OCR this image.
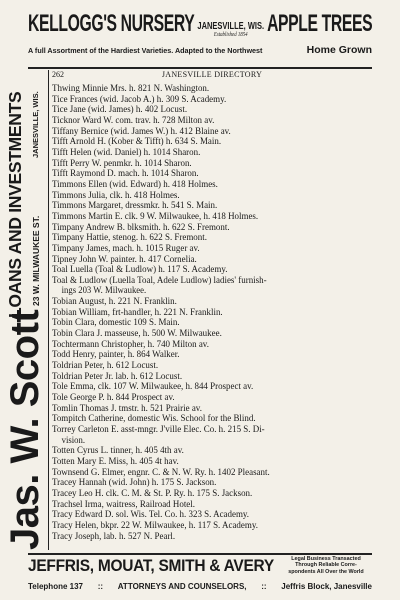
KELLOGG'S NURSERY JANESVILLE, WIS.
Established 1854 APPLE TREES
A full Assortment of the Hardiest Varieties. Adapted to the Northwest	Home Grown
262	JANESVILLE DIRECTORY
Jas. W. Scott
LOANS AND INVESTMENTS 23 W. MILWAUKEE ST.
JANESVILLE, WIS.
Thwing Minnie Mrs. h. 821 N. Washington.
Tice Frances (wid. Jacob A.) h. 309 S. Academy.
Tice Jane (wid. James) h. 402 Locust.
Ticknor Ward W. com. trav. h. 728 Milton av.
Tiffany Bernice (wid. James W.) h. 412 Blaine av.
Tifft Arnold H. (Kober & Tifft) h. 634 S. Main.
Tifft Helen (wid. Daniel) h. 1014 Sharon.
Tifft Perry W. penmkr. h. 1014 Sharon.
Tifft Raymond D. mach. h. 1014 Sharon.
Timmons Ellen (wid. Edward) h. 418 Holmes.
Timmons Julia, clk. h. 418 Holmes.
Timmons Margaret, dressmkr. h. 541 S. Main.
Timmons Martin E. clk. 9 W. Milwaukee, h. 418 Holmes.
Timpany Andrew B. blksmith. h. 622 S. Fremont.
Timpany Hattie, stenog. h. 622 S. Fremont.
Timpany James, mach. h. 1015 Ruger av.
Tipney John W. painter. h. 417 Cornelia.
Toal Luella (Toal & Ludlow) h. 117 S. Academy.
Toal & Ludlow (Luella Toal, Adele Ludlow) ladies' furnish-
ings 203 W. Milwaukee.
Tobian August, h. 221 N. Franklin.
Tobian William, frt-handler, h. 221 N. Franklin.
Tobin Clara, domestic 109 S. Main.
Tobin Clara J. masseuse, h. 500 W. Milwaukee.
Tochtermann Christopher, h. 740 Milton av.
Todd Henry, painter, h. 864 Walker.
Toldrian Peter, h. 612 Locust.
Toldrian Peter Jr. lab. h. 612 Locust.
Tole Emma, clk. 107 W. Milwaukee, h. 844 Prospect av.
Tole George P. h. 844 Prospect av.
Tomlin Thomas J. tmstr. h. 521 Prairie av.
Tompitch Catherine, domestic Wis. School for the Blind.
Torrey Carleton E. asst-mngr. J'ville Elec. Co. h. 215 S. Di-
vision.
Totten Cyrus L. tinner, h. 405 4th av.
Totten Mary E. Miss, h. 405 4t hav.
Townsend G. Elmer, engnr. C. & N. W. Ry. h. 1402 Pleasant.
Tracey Hannah (wid. John) h. 175 S. Jackson.
Tracey Leo H. clk. C. M. & St. P. Ry. h. 175 S. Jackson.
Trachsel Irma, waitress, Railroad Hotel.
Tracy Edward D. sol. Wis. Tel. Co. h. 323 S. Academy.
Tracy Helen, bkpr. 22 W. Milwaukee, h. 117 S. Academy.
Tracy Joseph, lab. h. 527 N. Pearl.
JEFFRIS, MOUAT, SMITH & AVERY	Legal Business Transacted
Through Reliable Corre-
spondents All Over the World
Telephone 137 :: ATTORNEYS AND COUNSELORS, :: Jeffris Block, Janesville
